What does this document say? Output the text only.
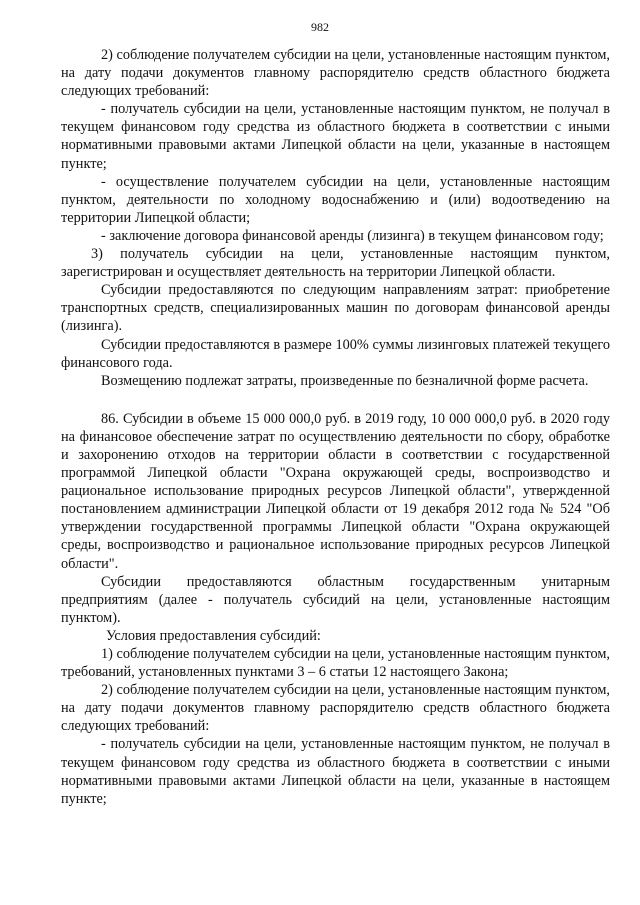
982

2) соблюдение получателем субсидии на цели, установленные настоящим пунктом, на дату подачи документов главному распорядителю средств областного бюджета следующих требований:

- получатель субсидии на цели, установленные настоящим пунктом, не получал в текущем финансовом году средства из областного бюджета в соответствии с иными нормативными правовыми актами Липецкой области на цели, указанные в настоящем пункте;

- осуществление получателем субсидии на цели, установленные настоящим пунктом, деятельности по холодному водоснабжению и (или) водоотведению на территории Липецкой области;

- заключение договора финансовой аренды (лизинга) в текущем финансовом году;

3) получатель субсидии на цели, установленные настоящим пунктом, зарегистрирован и осуществляет деятельность на территории Липецкой области.

Субсидии предоставляются по следующим направлениям затрат: приобретение транспортных средств, специализированных машин по договорам финансовой аренды (лизинга).

Субсидии предоставляются в размере 100% суммы лизинговых платежей текущего финансового года.

Возмещению подлежат затраты, произведенные по безналичной форме расчета.

86. Субсидии в объеме 15 000 000,0 руб. в 2019 году, 10 000 000,0 руб. в 2020 году на финансовое обеспечение затрат по осуществлению деятельности по сбору, обработке и захоронению отходов на территории области в соответствии с государственной программой Липецкой области "Охрана окружающей среды, воспроизводство и рациональное использование природных ресурсов Липецкой области", утвержденной постановлением администрации Липецкой области от 19 декабря 2012 года № 524 "Об утверждении государственной программы Липецкой области "Охрана окружающей среды, воспроизводство и рациональное использование природных ресурсов Липецкой области".

Субсидии предоставляются областным государственным унитарным предприятиям (далее - получатель субсидий на цели, установленные настоящим пунктом).

Условия предоставления субсидий:

1) соблюдение получателем субсидии на цели, установленные настоящим пунктом, требований, установленных пунктами 3 – 6 статьи 12 настоящего Закона;

2) соблюдение получателем субсидии на цели, установленные настоящим пунктом, на дату подачи документов главному распорядителю средств областного бюджета следующих требований:

- получатель субсидии на цели, установленные настоящим пунктом, не получал в текущем финансовом году средства из областного бюджета в соответствии с иными нормативными правовыми актами Липецкой области на цели, указанные в настоящем пункте;
